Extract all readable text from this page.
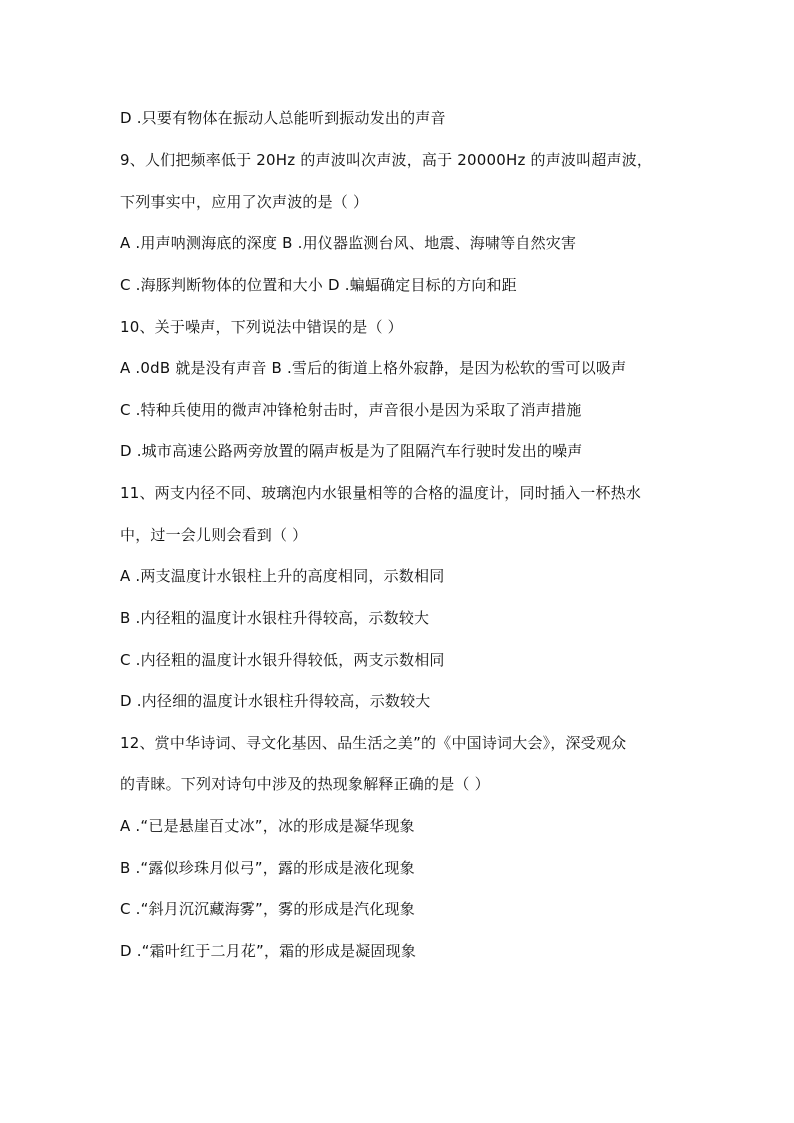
D .只要有物体在振动人总能听到振动发出的声音
9、人们把频率低于 20Hz 的声波叫次声波，高于 20000Hz 的声波叫超声波，
下列事实中，应用了次声波的是（ ）
A .用声呐测海底的深度 B .用仪器监测台风、地震、海啸等自然灾害
C .海豚判断物体的位置和大小 D .蝙蝠确定目标的方向和距
10、关于噪声，下列说法中错误的是（ ）
A .0dB 就是没有声音 B .雪后的街道上格外寂静，是因为松软的雪可以吸声
C .特种兵使用的微声冲锋枪射击时，声音很小是因为采取了消声措施
D .城市高速公路两旁放置的隔声板是为了阻隔汽车行驶时发出的噪声
11、两支内径不同、玻璃泡内水银量相等的合格的温度计，同时插入一杯热水
中，过一会儿则会看到（ ）
A .两支温度计水银柱上升的高度相同，示数相同
B .内径粗的温度计水银柱升得较高，示数较大
C .内径粗的温度计水银升得较低，两支示数相同
D .内径细的温度计水银柱升得较高，示数较大
12、赏中华诗词、寻文化基因、品生活之美”的《中国诗词大会》，深受观众
的青睐。下列对诗句中涉及的热现象解释正确的是（ ）
A .“已是悬崖百丈冰”，冰的形成是凝华现象
B .“露似珍珠月似弓”，露的形成是液化现象
C .“斜月沉沉藏海雾”，雾的形成是汽化现象
D .“霜叶红于二月花”，霜的形成是凝固现象
